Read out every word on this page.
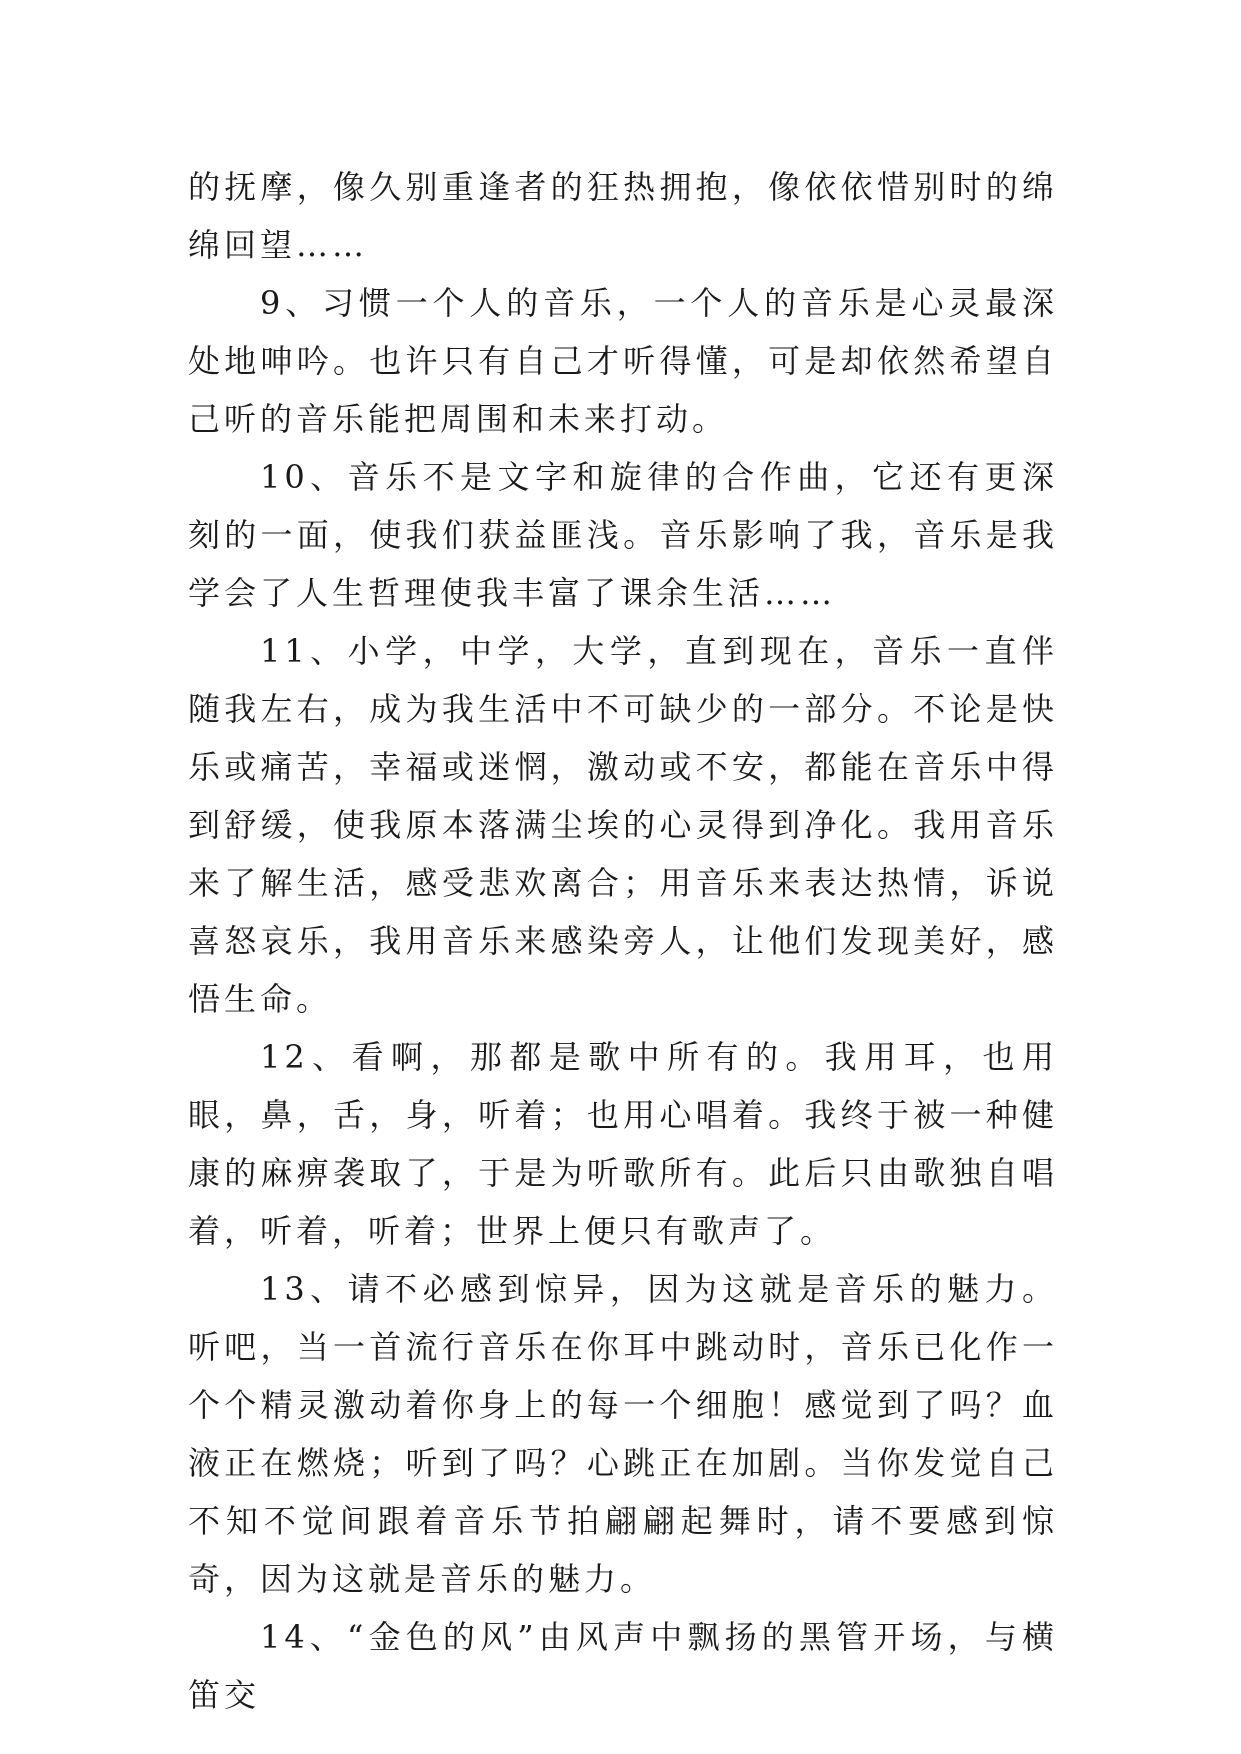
的抚摩，像久别重逢者的狂热拥抱，像依依惜别时的绵绵回望……

9、习惯一个人的音乐，一个人的音乐是心灵最深处地呻吟。也许只有自己才听得懂，可是却依然希望自己听的音乐能把周围和未来打动。

10、音乐不是文字和旋律的合作曲，它还有更深刻的一面，使我们获益匪浅。音乐影响了我，音乐是我学会了人生哲理使我丰富了课余生活……

11、小学，中学，大学，直到现在，音乐一直伴随我左右，成为我生活中不可缺少的一部分。不论是快乐或痛苦，幸福或迷惘，激动或不安，都能在音乐中得到舒缓，使我原本落满尘埃的心灵得到净化。我用音乐来了解生活，感受悲欢离合；用音乐来表达热情，诉说喜怒哀乐，我用音乐来感染旁人，让他们发现美好，感悟生命。

12、看啊，那都是歌中所有的。我用耳，也用眼，鼻，舌，身，听着；也用心唱着。我终于被一种健康的麻痹袭取了，于是为听歌所有。此后只由歌独自唱着，听着，听着；世界上便只有歌声了。

13、请不必感到惊异，因为这就是音乐的魅力。听吧，当一首流行音乐在你耳中跳动时，音乐已化作一个个精灵激动着你身上的每一个细胞！感觉到了吗？血液正在燃烧；听到了吗？心跳正在加剧。当你发觉自己不知不觉间跟着音乐节拍翩翩起舞时，请不要感到惊奇，因为这就是音乐的魅力。

14、“金色的风”由风声中飘扬的黑管开场，与横笛交
